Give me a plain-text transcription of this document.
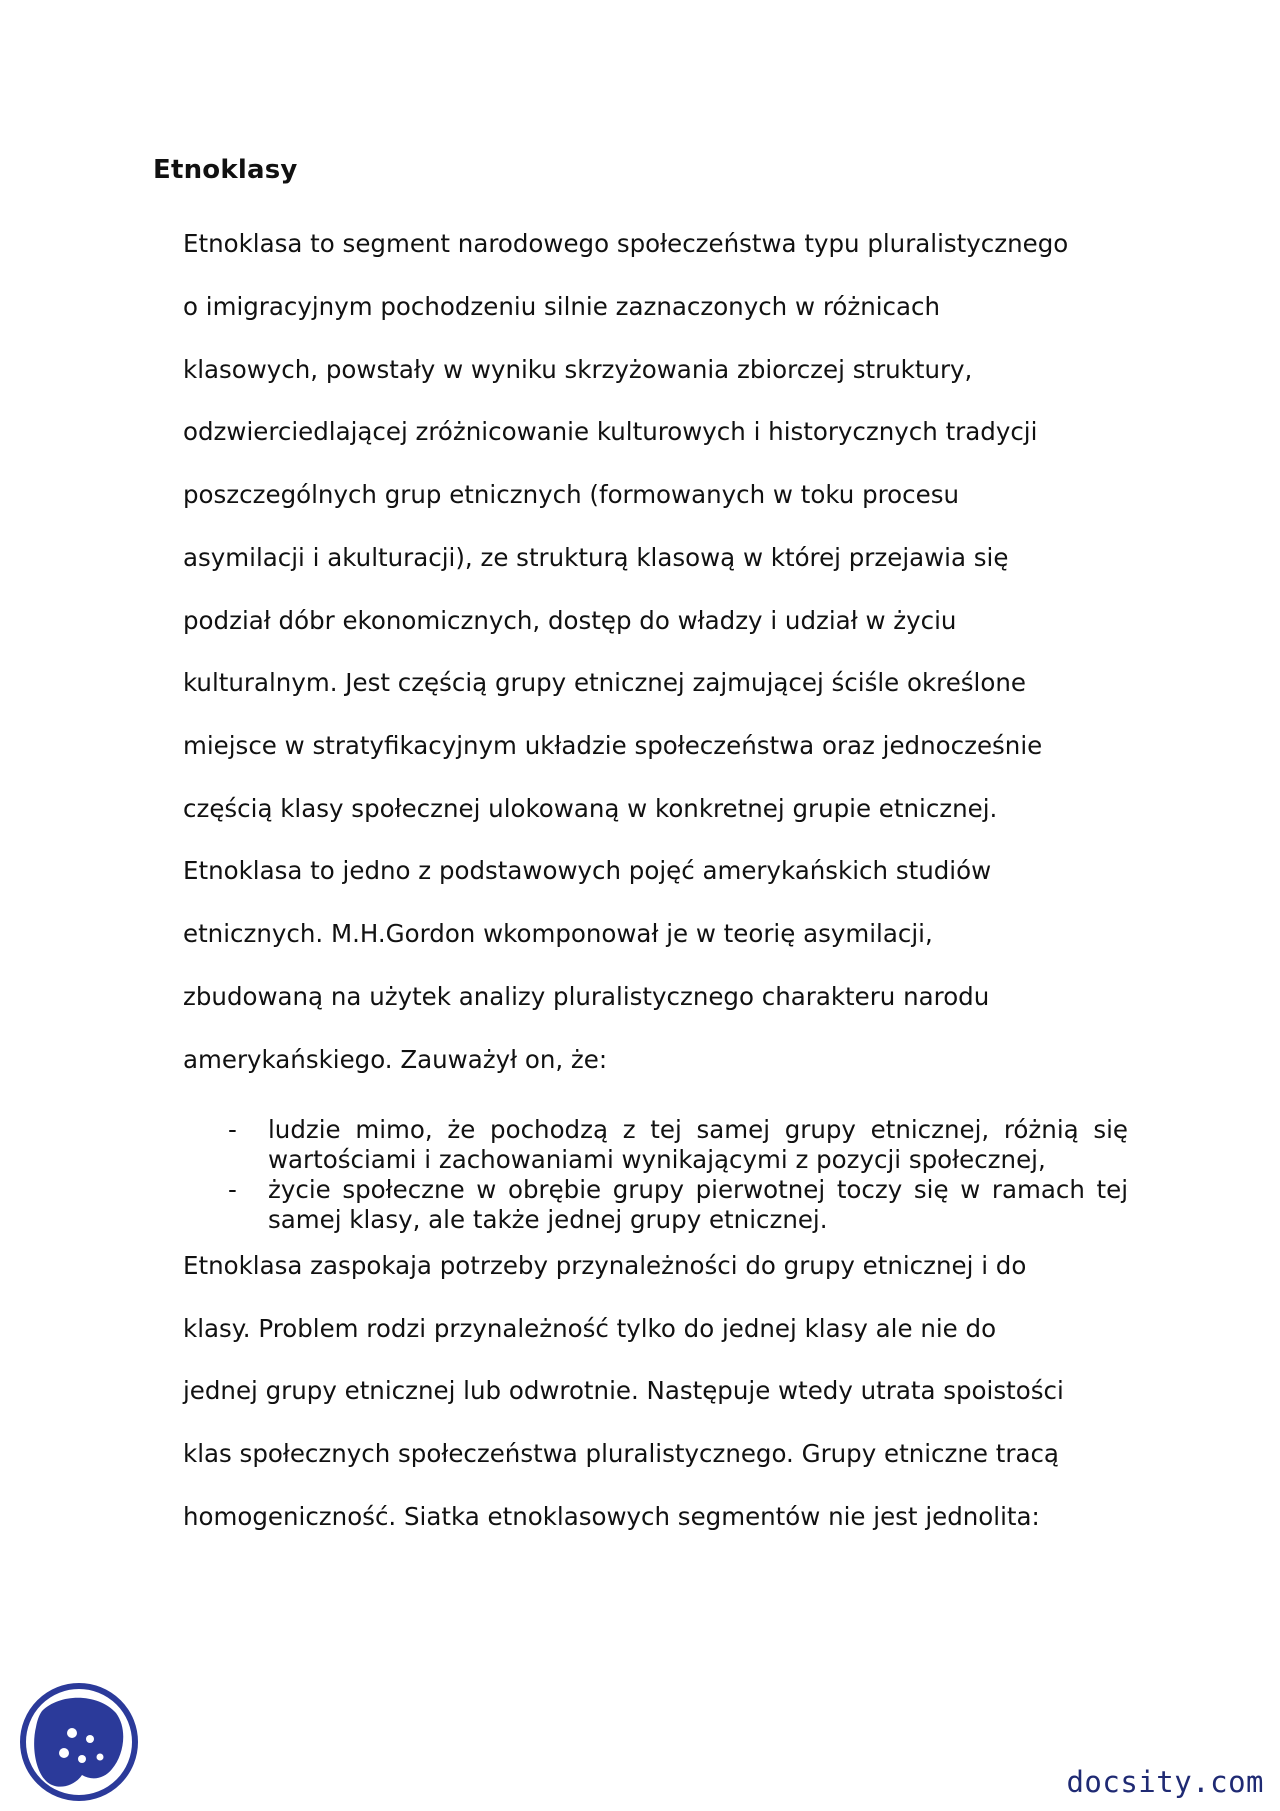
Etnoklasy

Etnoklasa to segment narodowego społeczeństwa typu pluralistycznego

o imigracyjnym pochodzeniu silnie zaznaczonych w różnicach

klasowych, powstały w wyniku skrzyżowania zbiorczej struktury,

odzwierciedlającej zróżnicowanie kulturowych i historycznych tradycji

poszczególnych grup etnicznych (formowanych w toku procesu

asymilacji i akulturacji), ze strukturą klasową w której przejawia się

podział dóbr ekonomicznych, dostęp do władzy i udział w życiu

kulturalnym. Jest częścią grupy etnicznej zajmującej ściśle określone

miejsce w stratyfikacyjnym układzie społeczeństwa oraz jednocześnie

częścią klasy społecznej ulokowaną w konkretnej grupie etnicznej.

Etnoklasa to jedno z podstawowych pojęć amerykańskich studiów

etnicznych. M.H.Gordon wkomponował je w teorię asymilacji,

zbudowaną na użytek analizy pluralistycznego charakteru narodu

amerykańskiego. Zauważył on, że:

- ludzie mimo, że pochodzą z tej samej grupy etnicznej, różnią się wartościami i zachowaniami wynikającymi z pozycji społecznej,
- życie społeczne w obrębie grupy pierwotnej toczy się w ramach tej samej klasy, ale także jednej grupy etnicznej.

Etnoklasa zaspokaja potrzeby przynależności do grupy etnicznej i do

klasy. Problem rodzi przynależność tylko do jednej klasy ale nie do

jednej grupy etnicznej lub odwrotnie. Następuje wtedy utrata spoistości

klas społecznych społeczeństwa pluralistycznego. Grupy etniczne tracą

homogeniczność. Siatka etnoklasowych segmentów nie jest jednolita:

docsity.com
